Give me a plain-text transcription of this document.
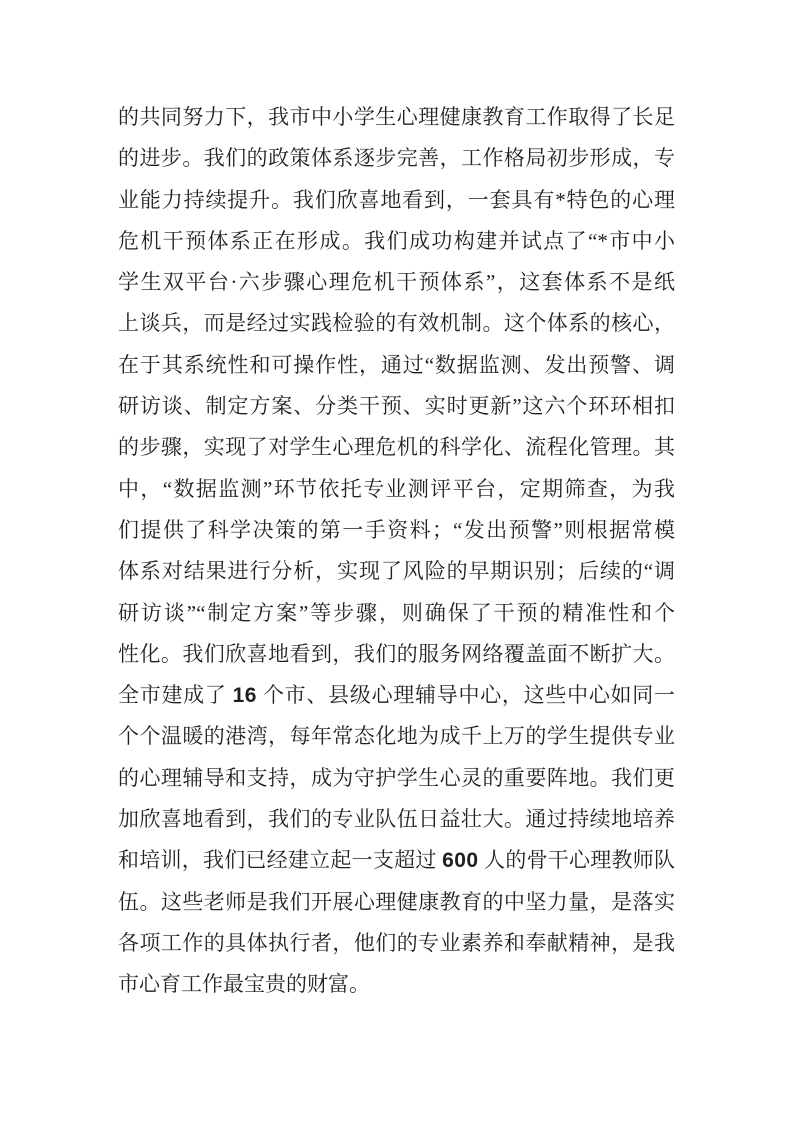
的共同努力下，我市中小学生心理健康教育工作取得了长足
的进步。我们的政策体系逐步完善，工作格局初步形成，专
业能力持续提升。我们欣喜地看到，一套具有*特色的心理
危机干预体系正在形成。我们成功构建并试点了“*市中小
学生双平台·六步骤心理危机干预体系”，这套体系不是纸
上谈兵，而是经过实践检验的有效机制。这个体系的核心，
在于其系统性和可操作性，通过“数据监测、发出预警、调
研访谈、制定方案、分类干预、实时更新”这六个环环相扣
的步骤，实现了对学生心理危机的科学化、流程化管理。其
中，“数据监测”环节依托专业测评平台，定期筛查，为我
们提供了科学决策的第一手资料；“发出预警”则根据常模
体系对结果进行分析，实现了风险的早期识别；后续的“调
研访谈”“制定方案”等步骤，则确保了干预的精准性和个
性化。我们欣喜地看到，我们的服务网络覆盖面不断扩大。
全市建成了 16 个市、县级心理辅导中心，这些中心如同一
个个温暖的港湾，每年常态化地为成千上万的学生提供专业
的心理辅导和支持，成为守护学生心灵的重要阵地。我们更
加欣喜地看到，我们的专业队伍日益壮大。通过持续地培养
和培训，我们已经建立起一支超过 600 人的骨干心理教师队
伍。这些老师是我们开展心理健康教育的中坚力量，是落实
各项工作的具体执行者，他们的专业素养和奉献精神，是我
市心育工作最宝贵的财富。
